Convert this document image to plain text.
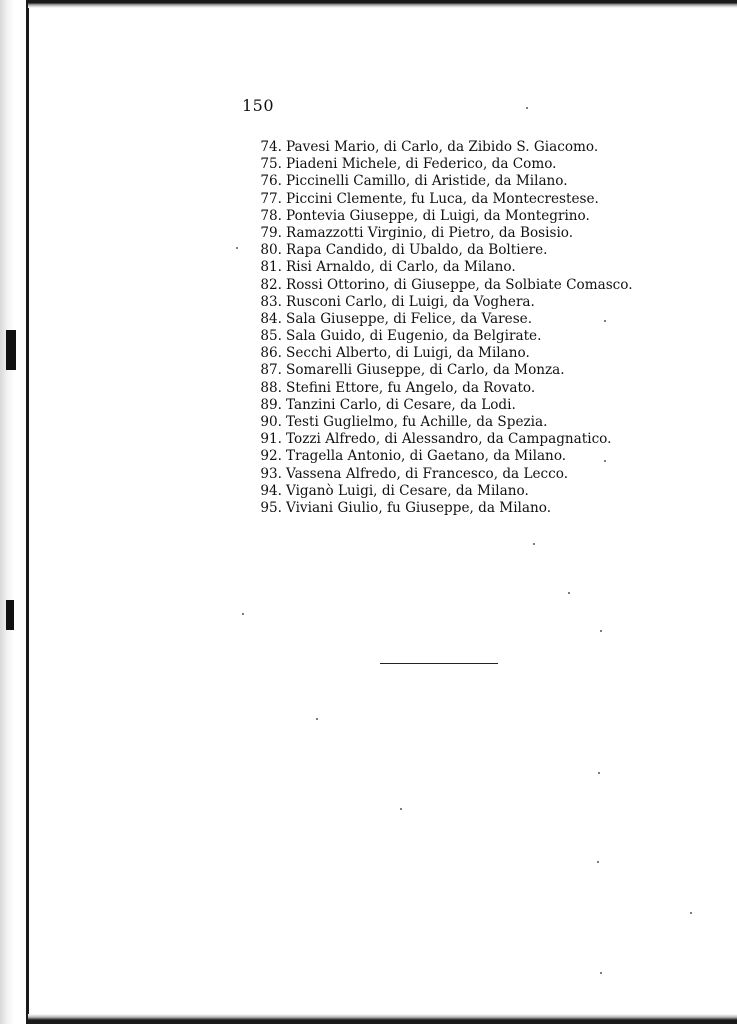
150
74. Pavesi Mario, di Carlo, da Zibido S. Giacomo.
75. Piadeni Michele, di Federico, da Como.
76. Piccinelli Camillo, di Aristide, da Milano.
77. Piccini Clemente, fu Luca, da Montecrestese.
78. Pontevia Giuseppe, di Luigi, da Montegrino.
79. Ramazzotti Virginio, di Pietro, da Bosisio.
80. Rapa Candido, di Ubaldo, da Boltiere.
81. Risi Arnaldo, di Carlo, da Milano.
82. Rossi Ottorino, di Giuseppe, da Solbiate Comasco.
83. Rusconi Carlo, di Luigi, da Voghera.
84. Sala Giuseppe, di Felice, da Varese.
85. Sala Guido, di Eugenio, da Belgirate.
86. Secchi Alberto, di Luigi, da Milano.
87. Somarelli Giuseppe, di Carlo, da Monza.
88. Stefini Ettore, fu Angelo, da Rovato.
89. Tanzini Carlo, di Cesare, da Lodi.
90. Testi Guglielmo, fu Achille, da Spezia.
91. Tozzi Alfredo, di Alessandro, da Campagnatico.
92. Tragella Antonio, di Gaetano, da Milano.
93. Vassena Alfredo, di Francesco, da Lecco.
94. Viganò Luigi, di Cesare, da Milano.
95. Viviani Giulio, fu Giuseppe, da Milano.
